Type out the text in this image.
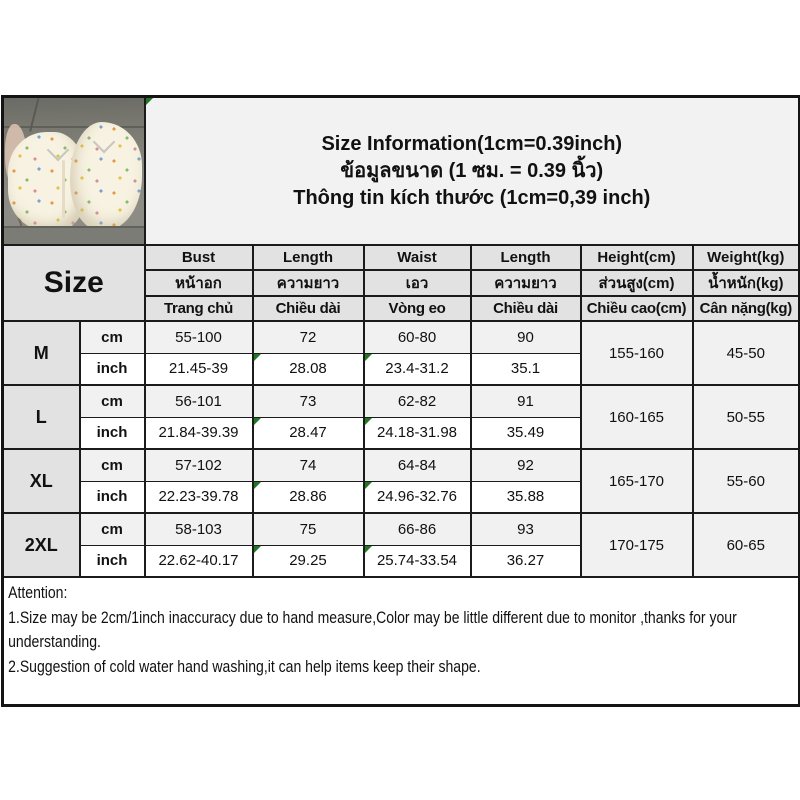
		Size Information(1cm=0.39inch)
ข้อมูลขนาด (1 ซม. = 0.39 นิ้ว)
Thông tin kích thước (1cm=0,39 inch)					

Size		Bust	Length	Waist	Length	Height(cm)	Weight(kg)
		หน้าอก	ความยาว	เอว	ความยาว	ส่วนสูง(cm)	น้ำหนัก(kg)
		Trang chủ	Chiều dài	Vòng eo	Chiều dài	Chiều cao(cm)	Cân nặng(kg)
M	cm	55-100	72	60-80	90	155-160	45-50
	inch	21.45-39	28.08	23.4-31.2	35.1		
L	cm	56-101	73	62-82	91	160-165	50-55
	inch	21.84-39.39	28.47	24.18-31.98	35.49		
XL	cm	57-102	74	64-84	92	165-170	55-60
	inch	22.23-39.78	28.86	24.96-32.76	35.88		
2XL	cm	58-103	75	66-86	93	170-175	60-65
	inch	22.62-40.17	29.25	25.74-33.54	36.27		

Attention:
1.Size may be 2cm/1inch inaccuracy due to hand measure,Color may be little different due to monitor ,thanks for your understanding.
2.Suggestion of cold water hand washing,it can help items keep their shape.							
